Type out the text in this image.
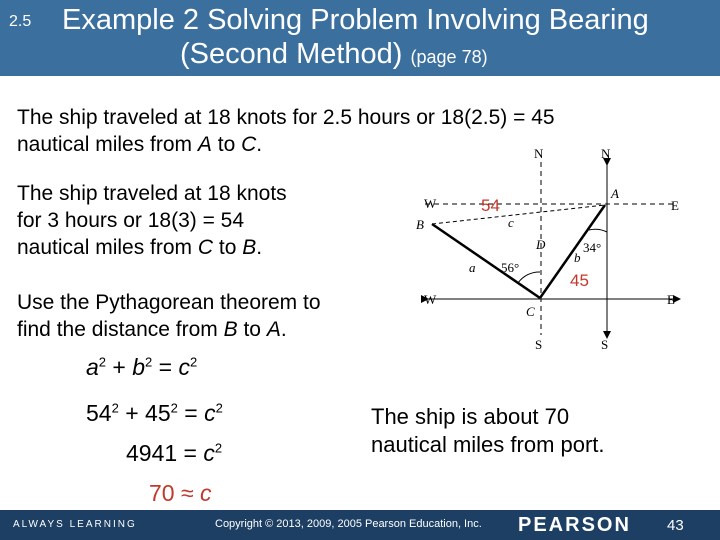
2.5 Example 2 Solving Problem Involving Bearing
(Second Method) (page 78)
The ship traveled at 18 knots for 2.5 hours or 18(2.5) = 45
nautical miles from A to C.
The ship traveled at 18 knots
for 3 hours or 18(3) = 54
nautical miles from C to B.
Use the Pythagorean theorem to
find the distance from B to A.
$a^2 + b^2 = c^2$
$54^2 + 45^2 = c^2$
$4941 = c^2$
70 ≈ c
The ship is about 70
nautical miles from port.
N	N
S	S
W	E
W	E
A
B
C
D
a
b
c
56°
34°
54
45
ALWAYS LEARNING	Copyright © 2013, 2009, 2005 Pearson Education, Inc. PEARSON 43
